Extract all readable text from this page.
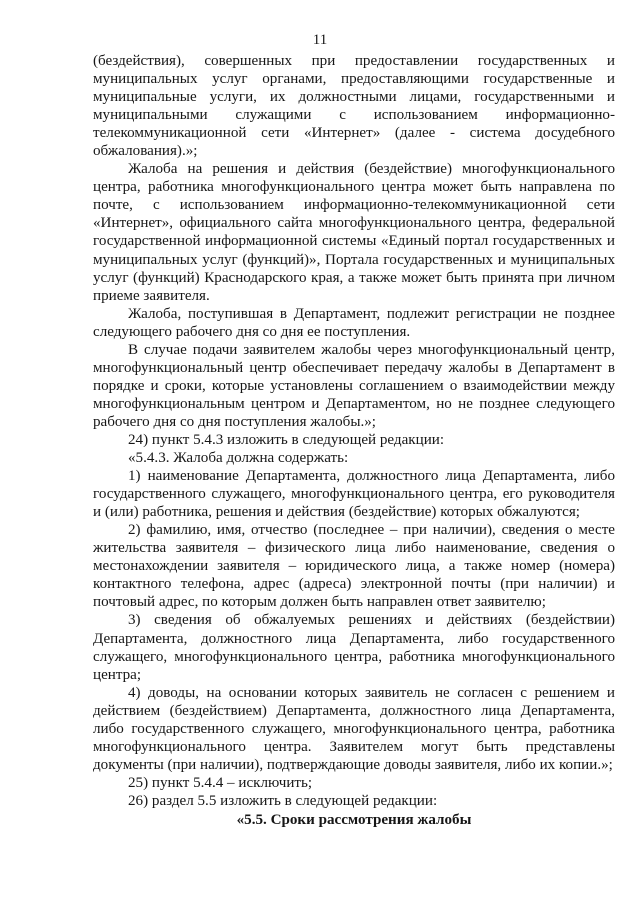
11

(бездействия), совершенных при предоставлении государственных и муниципальных услуг органами, предоставляющими государственные и муниципальные услуги, их должностными лицами, государственными и муниципальными служащими с использованием информационно-телекоммуникационной сети «Интернет» (далее - система досудебного обжалования).»;

Жалоба на решения и действия (бездействие) многофункционального центра, работника многофункционального центра может быть направлена по почте, с использованием информационно-телекоммуникационной сети «Интернет», официального сайта многофункционального центра, федеральной государственной информационной системы «Единый портал государственных и муниципальных услуг (функций)», Портала государственных и муниципальных услуг (функций) Краснодарского края, а также может быть принята при личном приеме заявителя.

Жалоба, поступившая в Департамент, подлежит регистрации не позднее следующего рабочего дня со дня ее поступления.

В случае подачи заявителем жалобы через многофункциональный центр, многофункциональный центр обеспечивает передачу жалобы в Департамент в порядке и сроки, которые установлены соглашением о взаимодействии между многофункциональным центром и Департаментом, но не позднее следующего рабочего дня со дня поступления жалобы.»;

24) пункт 5.4.3 изложить в следующей редакции:

«5.4.3. Жалоба должна содержать:

1) наименование Департамента, должностного лица Департамента, либо государственного служащего, многофункционального центра, его руководителя и (или) работника, решения и действия (бездействие) которых обжалуются;

2) фамилию, имя, отчество (последнее – при наличии), сведения о месте жительства заявителя – физического лица либо наименование, сведения о местонахождении заявителя – юридического лица, а также номер (номера) контактного телефона, адрес (адреса) электронной почты (при наличии) и почтовый адрес, по которым должен быть направлен ответ заявителю;

3) сведения об обжалуемых решениях и действиях (бездействии) Департамента, должностного лица Департамента, либо государственного служащего, многофункционального центра, работника многофункционального центра;

4) доводы, на основании которых заявитель не согласен с решением и действием (бездействием) Департамента, должностного лица Департамента, либо государственного служащего, многофункционального центра, работника многофункционального центра. Заявителем могут быть представлены документы (при наличии), подтверждающие доводы заявителя, либо их копии.»;

25) пункт 5.4.4 – исключить;

26) раздел 5.5 изложить в следующей редакции:

«5.5. Сроки рассмотрения жалобы
